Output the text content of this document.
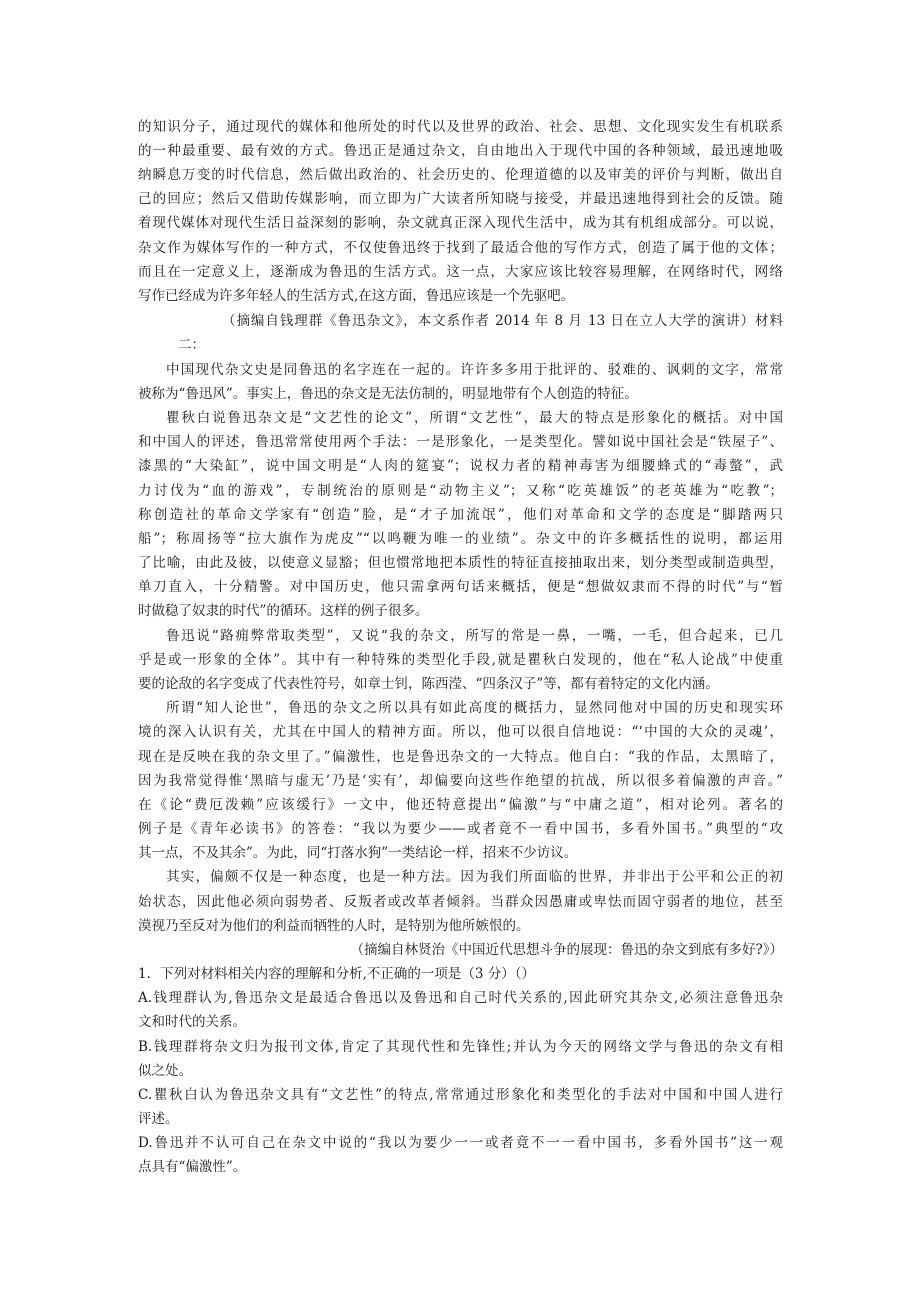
的知识分子，通过现代的媒体和他所处的时代以及世界的政治、社会、思想、文化现实发生有机联系
的一种最重要、最有效的方式。鲁迅正是通过杂文，自由地出入于现代中国的各种领域，最迅速地吸
纳瞬息万变的时代信息，然后做出政治的、社会历史的、伦理道德的以及审美的评价与判断，做出自
己的回应；然后又借助传媒影响，而立即为广大读者所知晓与接受，并最迅速地得到社会的反馈。随
着现代媒体对现代生活日益深刻的影响，杂文就真正深入现代生活中，成为其有机组成部分。可以说，
杂文作为媒体写作的一种方式，不仅使鲁迅终于找到了最适合他的写作方式，创造了属于他的文体；
而且在一定意义上，逐渐成为鲁迅的生活方式。这一点，大家应该比较容易理解，在网络时代，网络
写作已经成为许多年轻人的生活方式,在这方面，鲁迅应该是一个先驱吧。
（摘编自钱理群《鲁迅杂文》，本文系作者 2014 年 8 月 13 日在立人大学的演讲）材料
二：
中国现代杂文史是同鲁迅的名字连在一起的。许许多多用于批评的、驳难的、讽刺的文字，常常
被称为“鲁迅风”。事实上，鲁迅的杂文是无法仿制的，明显地带有个人创造的特征。
瞿秋白说鲁迅杂文是“文艺性的论文”，所谓“文艺性”，最大的特点是形象化的概括。对中国
和中国人的评述，鲁迅常常使用两个手法：一是形象化，一是类型化。譬如说中国社会是“铁屋子”、
漆黑的“大染缸”，说中国文明是“人肉的筵宴”；说权力者的精神毒害为细腰蜂式的“毒螫”，武
力讨伐为“血的游戏”，专制统治的原则是“动物主义”；又称“吃英雄饭”的老英雄为“吃教”；
称创造社的革命文学家有“创造”脸，是“才子加流氓”，他们对革命和文学的态度是“脚踏两只
船”；称周扬等“拉大旗作为虎皮”“以鸣鞭为唯一的业绩”。杂文中的许多概括性的说明，都运用
了比喻，由此及彼，以使意义显豁；但也惯常地把本质性的特征直接抽取出来，划分类型或制造典型，
单刀直入，十分精警。对中国历史，他只需拿两句话来概括，便是“想做奴隶而不得的时代”与“暂
时做稳了奴隶的时代”的循环。这样的例子很多。
鲁迅说“路痈弊常取类型”，又说“我的杂文，所写的常是一鼻，一嘴，一毛，但合起来，已几
乎是或一形象的全体”。其中有一种特殊的类型化手段,就是瞿秋白发现的，他在“私人论战”中使重
要的论敌的名字变成了代表性符号，如章士钊，陈西滢、“四条汉子”等，都有着特定的文化内涵。
所谓“知人论世”，鲁迅的杂文之所以具有如此高度的概括力，显然同他对中国的历史和现实环
境的深入认识有关，尤其在中国人的精神方面。所以，他可以很自信地说：“‘中国的大众的灵魂’，
现在是反映在我的杂文里了。”偏激性，也是鲁迅杂文的一大特点。他自白：“我的作品，太黑暗了，
因为我常觉得惟‘黑暗与虚无’乃是‘实有’，却偏要向这些作绝望的抗战，所以很多着偏激的声音。”
在《论“费厄泼赖”应该缓行》一文中，他还特意提出“偏激”与“中庸之道”，相对论列。著名的
例子是《青年必读书》的答卷：“我以为要少——或者竟不一看中国书，多看外国书。”典型的“攻
其一点，不及其余”。为此，同“打落水狗”一类结论一样，招来不少访议。
其实，偏颇不仅是一种态度，也是一种方法。因为我们所面临的世界，并非出于公平和公正的初
始状态，因此他必须向弱势者、反叛者或改革者倾斜。当群众因愚庸或卑怯而固守弱者的地位，甚至
漠视乃至反对为他们的利益而牺牲的人时，是特别为他所嫉恨的。
（摘编自林贤治《中国近代思想斗争的展现：鲁迅的杂文到底有多好?》）
1．下列对材料相关内容的理解和分析,不正确的一项是（3 分）（）
A.钱理群认为,鲁迅杂文是最适合鲁迅以及鲁迅和自己时代关系的,因此研究其杂文,必须注意鲁迅杂
文和时代的关系。
B.钱理群将杂文归为报刊文体,肯定了其现代性和先锋性;并认为今天的网络文学与鲁迅的杂文有相
似之处。
C.瞿秋白认为鲁迅杂文具有“文艺性”的特点,常常通过形象化和类型化的手法对中国和中国人进行
评述。
D.鲁迅并不认可自己在杂文中说的“我以为要少一一或者竟不一一看中国书，多看外国书”这一观
点具有“偏激性”。
